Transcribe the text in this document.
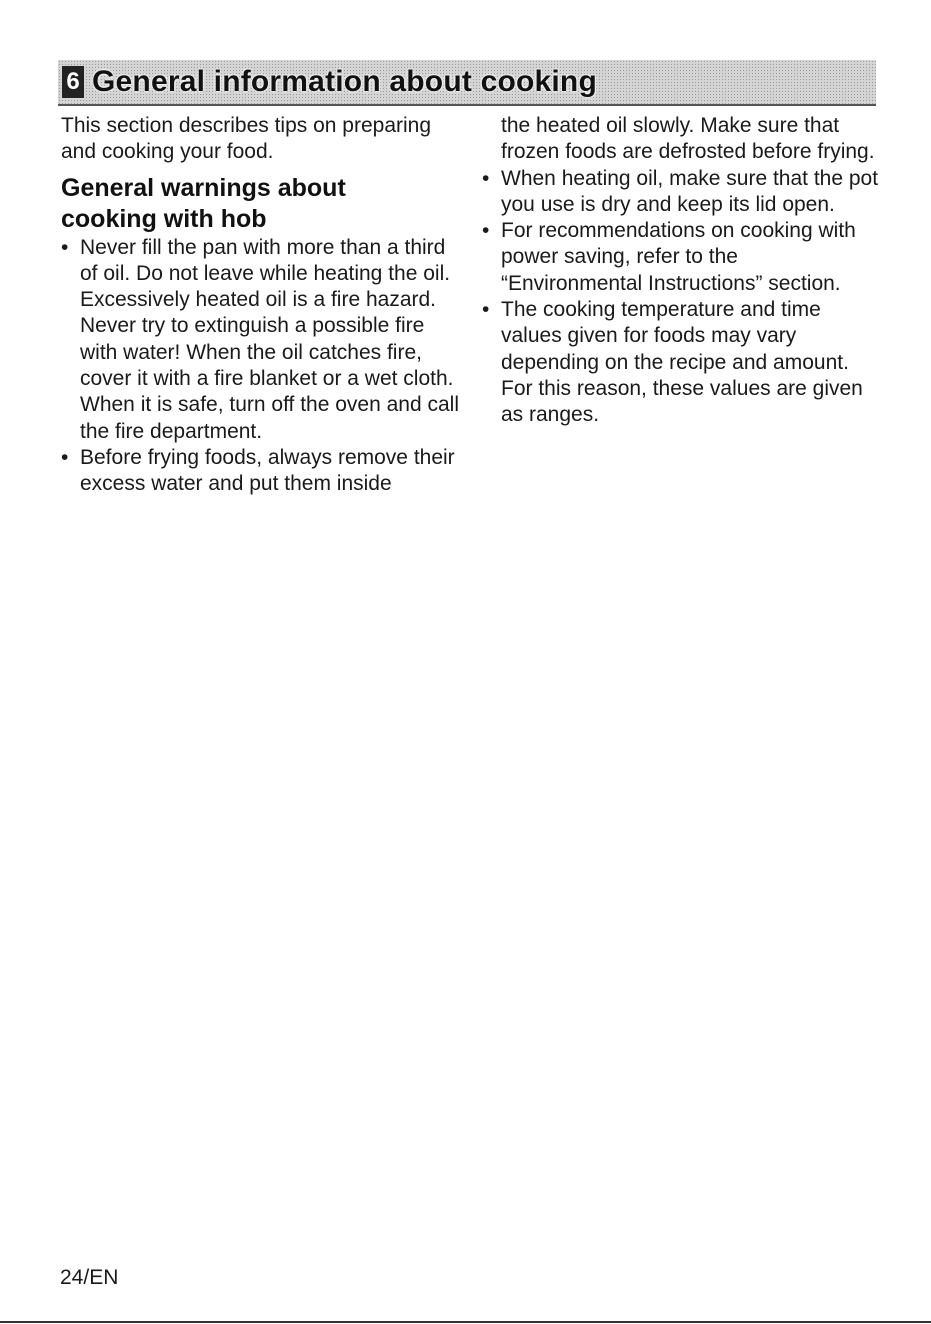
6 General information about cooking

This section describes tips on preparing and cooking your food.

General warnings about cooking with hob
• Never fill the pan with more than a third of oil. Do not leave while heating the oil. Excessively heated oil is a fire hazard. Never try to extinguish a possible fire with water! When the oil catches fire, cover it with a fire blanket or a wet cloth. When it is safe, turn off the oven and call the fire department.
• Before frying foods, always remove their excess water and put them inside

the heated oil slowly. Make sure that frozen foods are defrosted before frying.

• When heating oil, make sure that the pot you use is dry and keep its lid open.
• For recommendations on cooking with power saving, refer to the “Environmental Instructions” section.
• The cooking temperature and time values given for foods may vary depending on the recipe and amount. For this reason, these values are given as ranges.
24/EN
